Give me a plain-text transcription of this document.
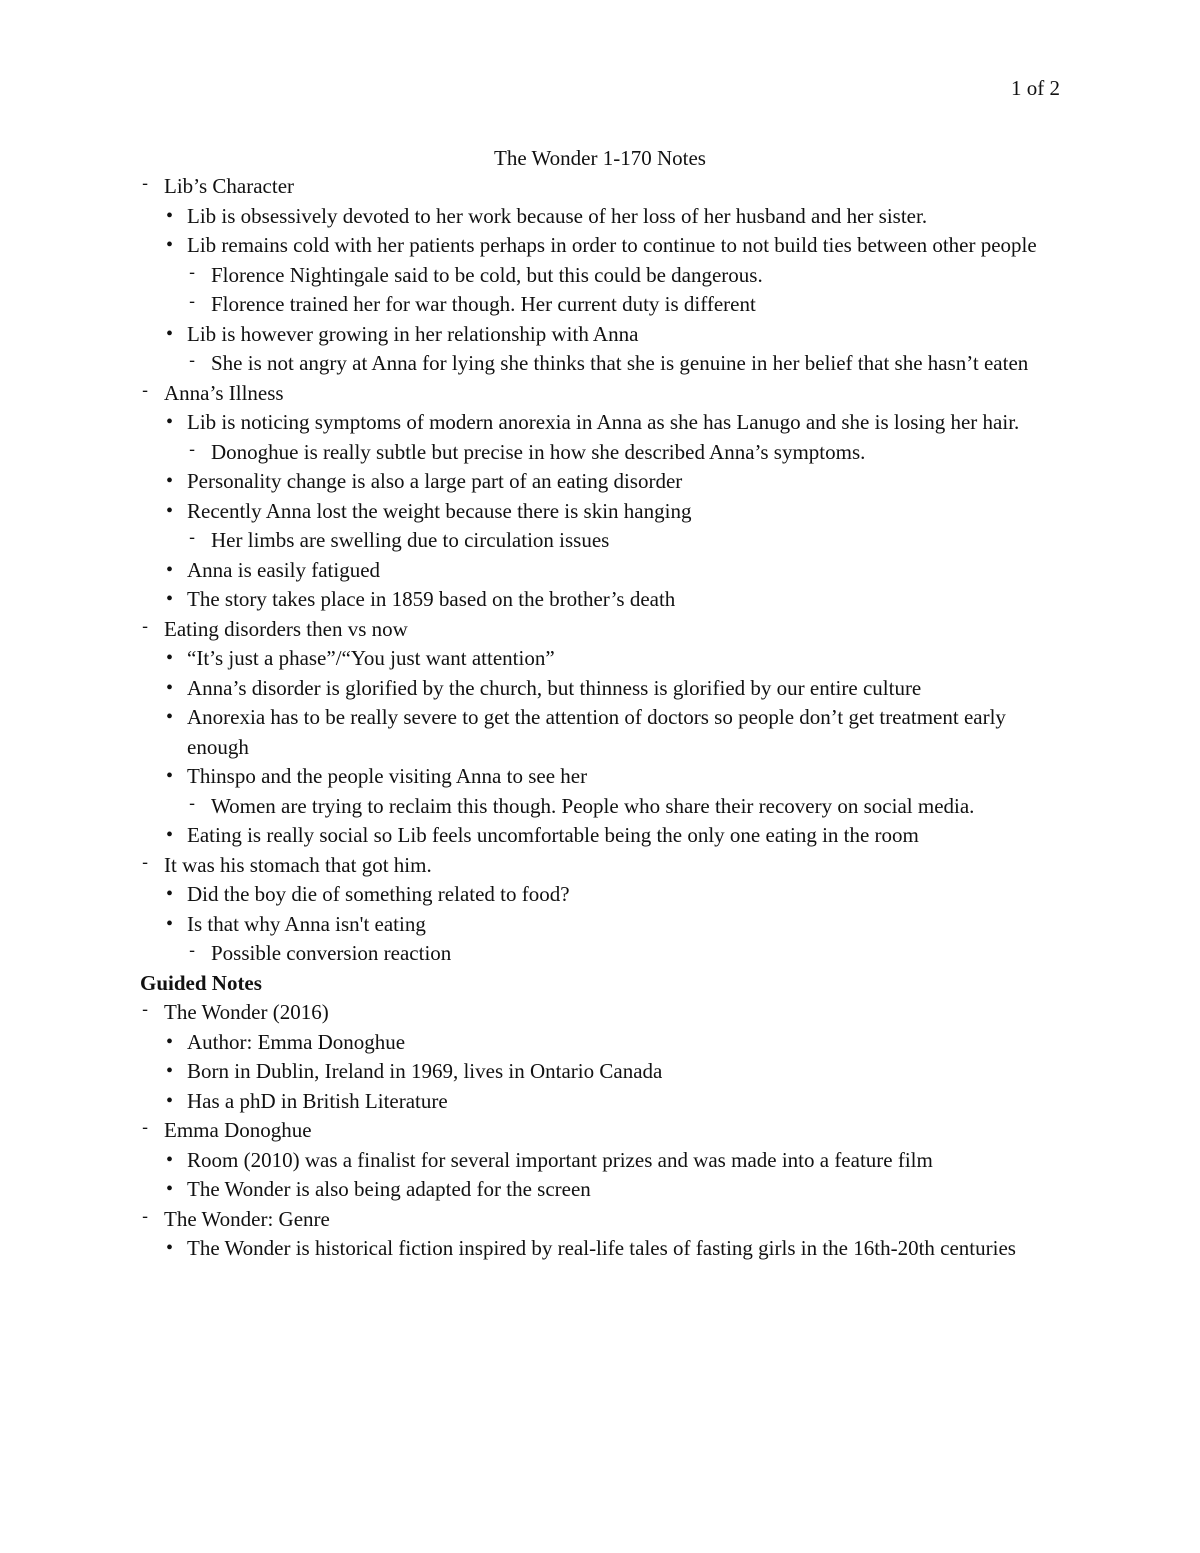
1 of 2
The Wonder 1-170 Notes
- Lib’s Character
• Lib is obsessively devoted to her work because of her loss of her husband and her sister.
• Lib remains cold with her patients perhaps in order to continue to not build ties between other people
- Florence Nightingale said to be cold, but this could be dangerous.
- Florence trained her for war though. Her current duty is different
• Lib is however growing in her relationship with Anna
- She is not angry at Anna for lying she thinks that she is genuine in her belief that she hasn’t eaten
- Anna’s Illness
• Lib is noticing symptoms of modern anorexia in Anna as she has Lanugo and she is losing her hair.
- Donoghue is really subtle but precise in how she described Anna’s symptoms.
• Personality change is also a large part of an eating disorder
• Recently Anna lost the weight because there is skin hanging
- Her limbs are swelling due to circulation issues
• Anna is easily fatigued
• The story takes place in 1859 based on the brother’s death
- Eating disorders then vs now
• “It’s just a phase”/“You just want attention”
• Anna’s disorder is glorified by the church, but thinness is glorified by our entire culture
• Anorexia has to be really severe to get the attention of doctors so people don’t get treatment early enough
• Thinspo and the people visiting Anna to see her
- Women are trying to reclaim this though. People who share their recovery on social media.
• Eating is really social so Lib feels uncomfortable being the only one eating in the room
- It was his stomach that got him.
• Did the boy die of something related to food?
• Is that why Anna isn't eating
- Possible conversion reaction
Guided Notes
- The Wonder (2016)
• Author: Emma Donoghue
• Born in Dublin, Ireland in 1969, lives in Ontario Canada
• Has a phD in British Literature
- Emma Donoghue
• Room (2010) was a finalist for several important prizes and was made into a feature film
• The Wonder is also being adapted for the screen
- The Wonder: Genre
• The Wonder is historical fiction inspired by real-life tales of fasting girls in the 16th-20th centuries
